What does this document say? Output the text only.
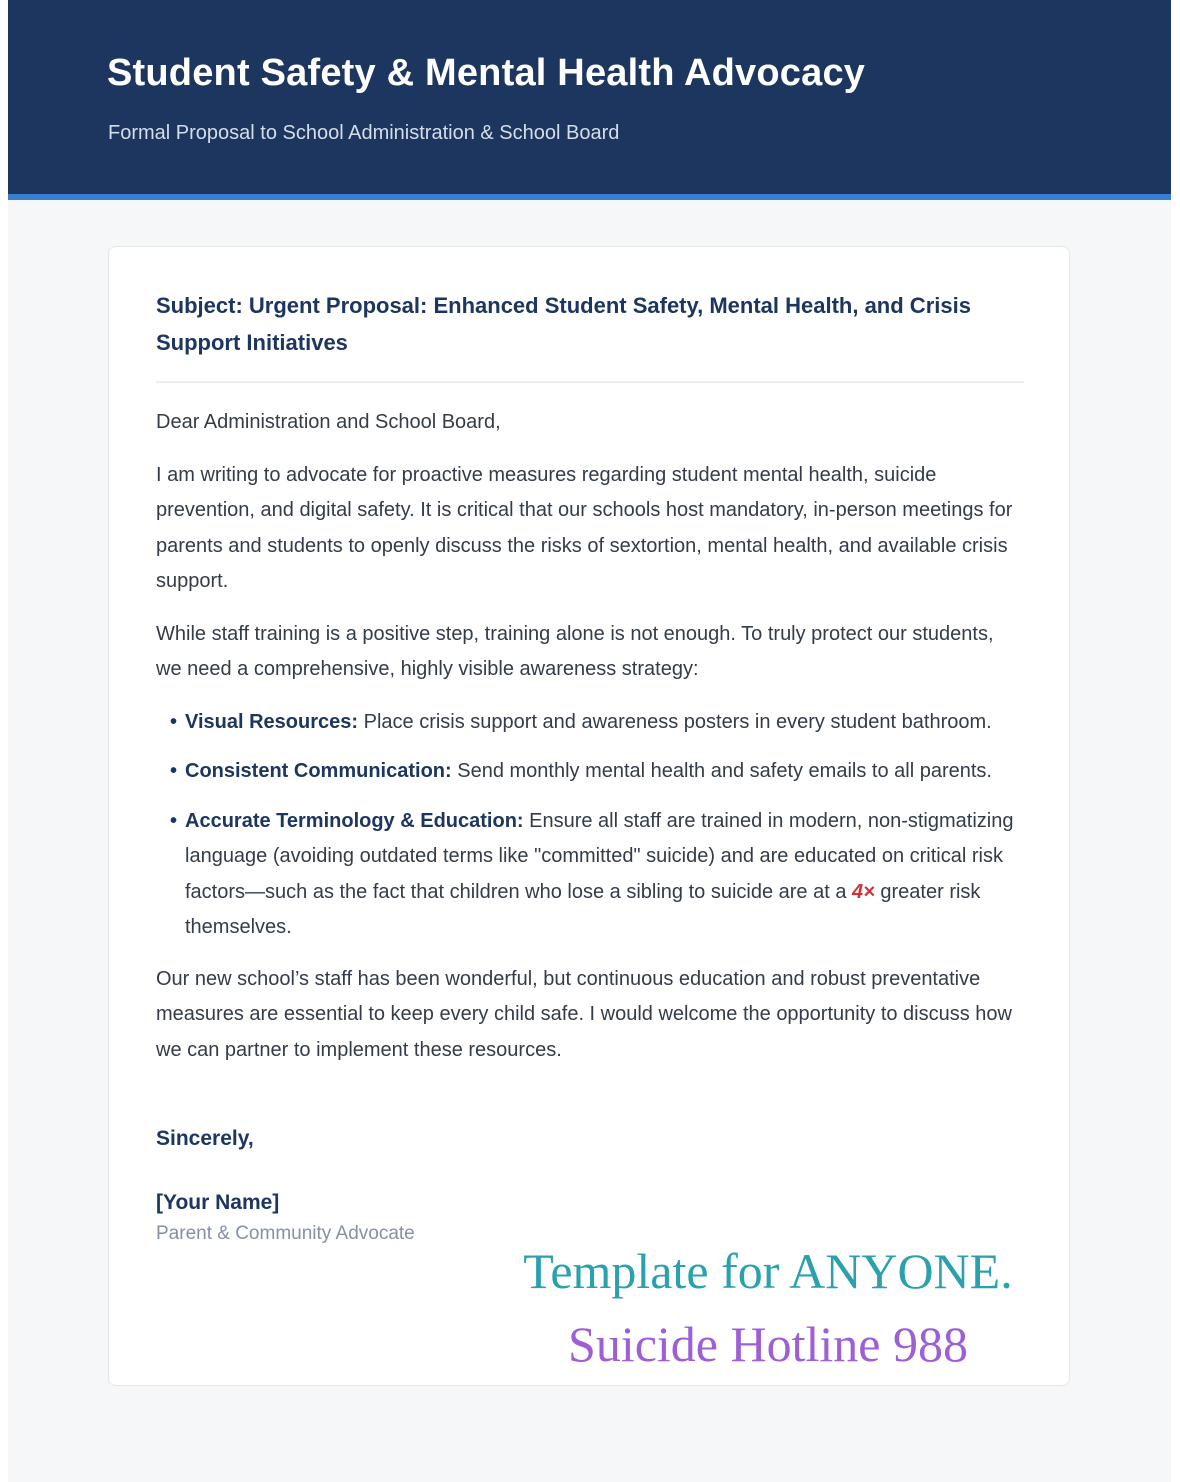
Student Safety & Mental Health Advocacy

Formal Proposal to School Administration & School Board

Subject: Urgent Proposal: Enhanced Student Safety, Mental Health, and Crisis Support Initiatives

Dear Administration and School Board,

I am writing to advocate for proactive measures regarding student mental health, suicide prevention, and digital safety. It is critical that our schools host mandatory, in-person meetings for parents and students to openly discuss the risks of sextortion, mental health, and available crisis support.

While staff training is a positive step, training alone is not enough. To truly protect our students, we need a comprehensive, highly visible awareness strategy:

• Visual Resources: Place crisis support and awareness posters in every student bathroom.
• Consistent Communication: Send monthly mental health and safety emails to all parents.
• Accurate Terminology & Education: Ensure all staff are trained in modern, non-stigmatizing language (avoiding outdated terms like "committed" suicide) and are educated on critical risk factors—such as the fact that children who lose a sibling to suicide are at a 4× greater risk themselves.

Our new school’s staff has been wonderful, but continuous education and robust preventative measures are essential to keep every child safe. I would welcome the opportunity to discuss how we can partner to implement these resources.

Sincerely,

[Your Name]

Parent & Community Advocate

Template for ANYONE.
Suicide Hotline 988
